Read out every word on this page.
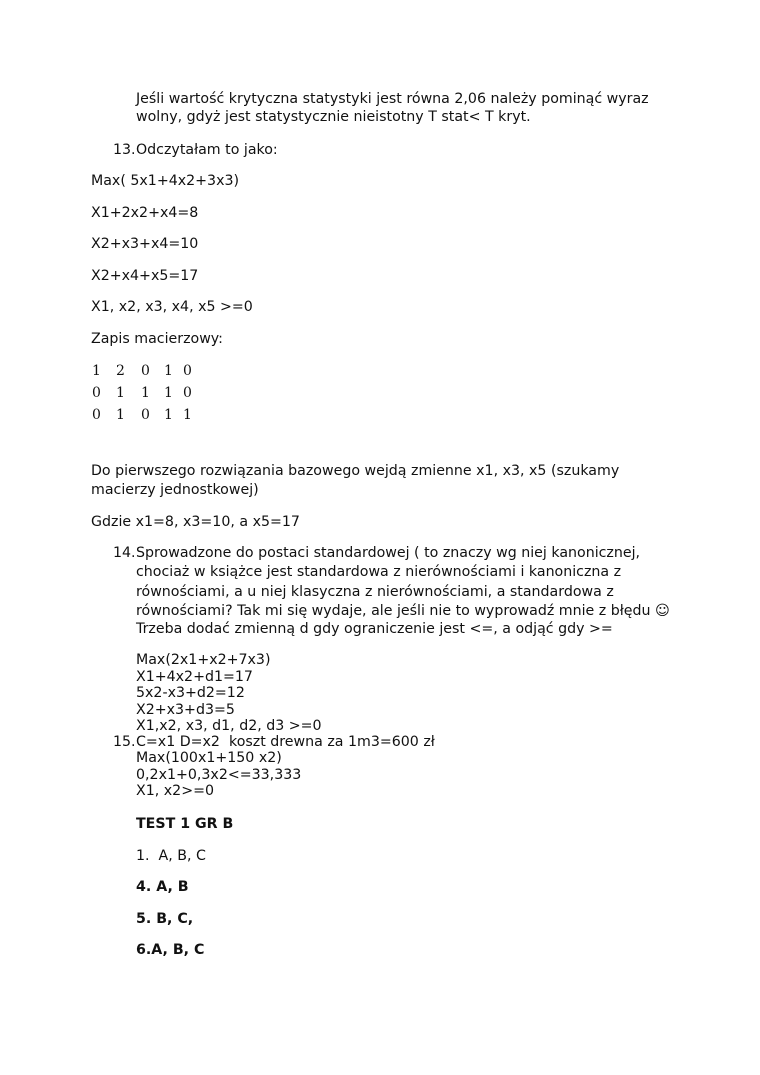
Jeśli wartość krytyczna statystyki jest równa 2,06 należy pominąć wyraz
wolny, gdyż jest statystycznie nieistotny T stat< T kryt.
13. Odczytałam to jako:
Max( 5x1+4x2+3x3)
X1+2x2+x4=8
X2+x3+x4=10
X2+x4+x5=17
X1, x2, x3, x4, x5 >=0
Zapis macierzowy:
1 2 0 1 0
0 1 1 1 0
0 1 0 1 1
Do pierwszego rozwiązania bazowego wejdą zmienne x1, x3, x5 (szukamy
macierzy jednostkowej)
Gdzie x1=8, x3=10, a x5=17
14. Sprowadzone do postaci standardowej ( to znaczy wg niej kanonicznej,
chociaż w książce jest standardowa z nierównościami i kanoniczna z
równościami, a u niej klasyczna z nierównościami, a standardowa z
równościami? Tak mi się wydaje, ale jeśli nie to wyprowadź mnie z błędu ☺
Trzeba dodać zmienną d gdy ograniczenie jest <=, a odjąć gdy >=
Max(2x1+x2+7x3)
X1+4x2+d1=17
5x2-x3+d2=12
X2+x3+d3=5
X1,x2, x3, d1, d2, d3 >=0
15. C=x1 D=x2  koszt drewna za 1m3=600 zł
Max(100x1+150 x2)
0,2x1+0,3x2<=33,333
X1, x2>=0
TEST 1 GR B
1.  A, B, C
4. A, B
5. B, C,
6.A, B, C
